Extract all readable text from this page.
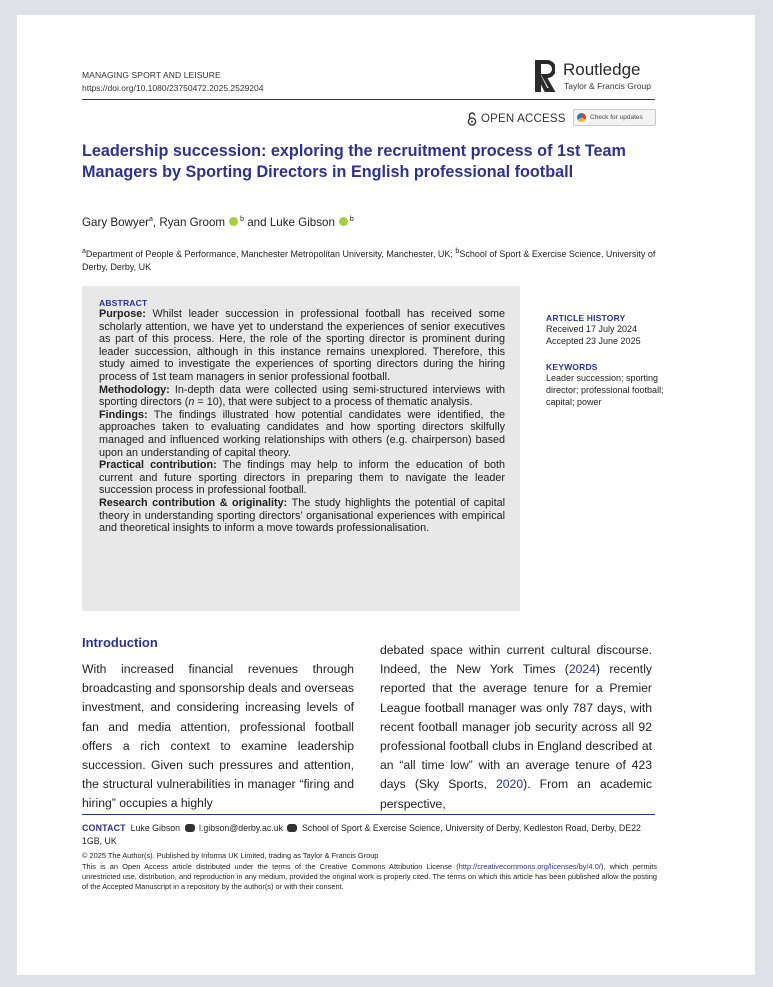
MANAGING SPORT AND LEISURE
https://doi.org/10.1080/23750472.2025.2529204
Routledge
Taylor & Francis Group
OPEN ACCESS	Check for updates
Leadership succession: exploring the recruitment process of 1st Team Managers by Sporting Directors in English professional football
Gary Bowyer$^a$, Ryan Groom $^b$ and Luke Gibson $^b$
$^a$Department of People & Performance, Manchester Metropolitan University, Manchester, UK; $^b$School of Sport & Exercise Science, University of Derby, Derby, UK
ABSTRACT

Purpose: Whilst leader succession in professional football has received some scholarly attention, we have yet to understand the experiences of senior executives as part of this process. Here, the role of the sporting director is prominent during leader succession, although in this instance remains unexplored. Therefore, this study aimed to investigate the experiences of sporting directors during the hiring process of 1st team managers in senior professional football.

Methodology: In-depth data were collected using semi-structured interviews with sporting directors (n = 10), that were subject to a process of thematic analysis.

Findings: The findings illustrated how potential candidates were identified, the approaches taken to evaluating candidates and how sporting directors skilfully managed and influenced working relationships with others (e.g. chairperson) based upon an understanding of capital theory.

Practical contribution: The findings may help to inform the education of both current and future sporting directors in preparing them to navigate the leader succession process in professional football.

Research contribution & originality: The study highlights the potential of capital theory in understanding sporting directors’ organisational experiences with empirical and theoretical insights to inform a move towards professionalisation.

ARTICLE HISTORY
Received 17 July 2024
Accepted 23 June 2025
KEYWORDS
Leader succession; sporting director; professional football; capital; power
Introduction
With increased financial revenues through broadcasting and sponsorship deals and overseas investment, and considering increasing levels of fan and media attention, professional football offers a rich context to examine leadership succession. Given such pressures and attention, the structural vulnerabilities in manager “firing and hiring” occupies a highly
debated space within current cultural discourse. Indeed, the New York Times (2024) recently reported that the average tenure for a Premier League football manager was only 787 days, with recent football manager job security across all 92 professional football clubs in England described at an “all time low” with an average tenure of 423 days (Sky Sports, 2020). From an academic perspective,
CONTACT Luke Gibson l.gibson@derby.ac.uk School of Sport & Exercise Science, University of Derby, Kedleston Road, Derby, DE22 1GB, UK
© 2025 The Author(s). Published by Informa UK Limited, trading as Taylor & Francis Group
This is an Open Access article distributed under the terms of the Creative Commons Attribution License (http://creativecommons.org/licenses/by/4.0/), which permits unrestricted use, distribution, and reproduction in any medium, provided the original work is properly cited. The terms on which this article has been published allow the posting of the Accepted Manuscript in a repository by the author(s) or with their consent.
